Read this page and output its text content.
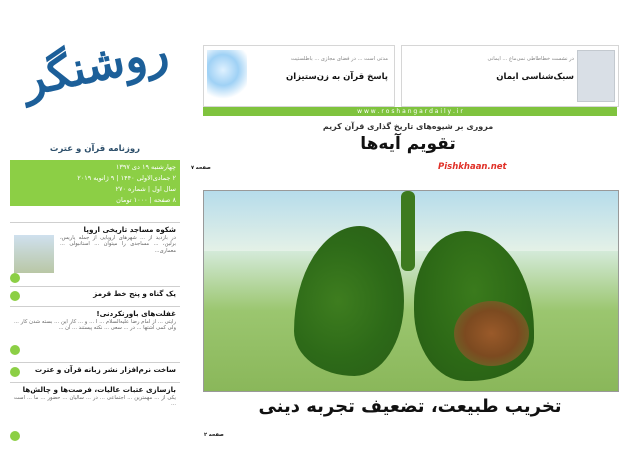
روشنگر
روزنامه قرآن و عترت
چهارشنبه ۱۹ دی ۱۳۹۷
۲ جمادی‌الاولی ۱۴۴۰ | ۹ ژانویه ۲۰۱۹
سال اول | شماره ۲۷۰
۸ صفحه | ۱۰۰۰ تومان
شکوه مساجد تاریخی اروپا
در بازدید از ... شهرهای اروپایی از جمله پاریس، برلین، ... مساجدی را میتوان ... استانبولی ... معماری...
یک گناه و پنج خط قرمز
غفلت‌های باورنکردنی!
رایتی ... از امام رضا علیه‌السلام ... ا ... و ... کار این ... بسته شدن کار ... ولی کمی اشتها ... در ... سعی ... نکته پیستند ... ان ...
ساخت نرم‌افزار نشر زبانه قرآن و عترت
بازسازی عتبات عالیات، فرصت‌ها و چالش‌ها
یکی از ... مهمترین ... اجتماعی ... در ... سالیان ... حضور ... ما ... است ...
مدتی است ... در فضای مجازی ... باطلستیت
پاسخ قرآن به زن‌ستیزان
در نشست خطاطاطی نمی‌ماع ... ایمانی
سبک‌شناسی ایمان
w w w . r o s h a n g a r d a i l y . i r
مروری بر شیوه‌های تاریخ گذاری قرآن کریم
تقویم آیه‌ها
Pishkhaan.net
صفحه ۷
تخریب طبیعت، تضعیف تجربه دینی
صفحه ۲
